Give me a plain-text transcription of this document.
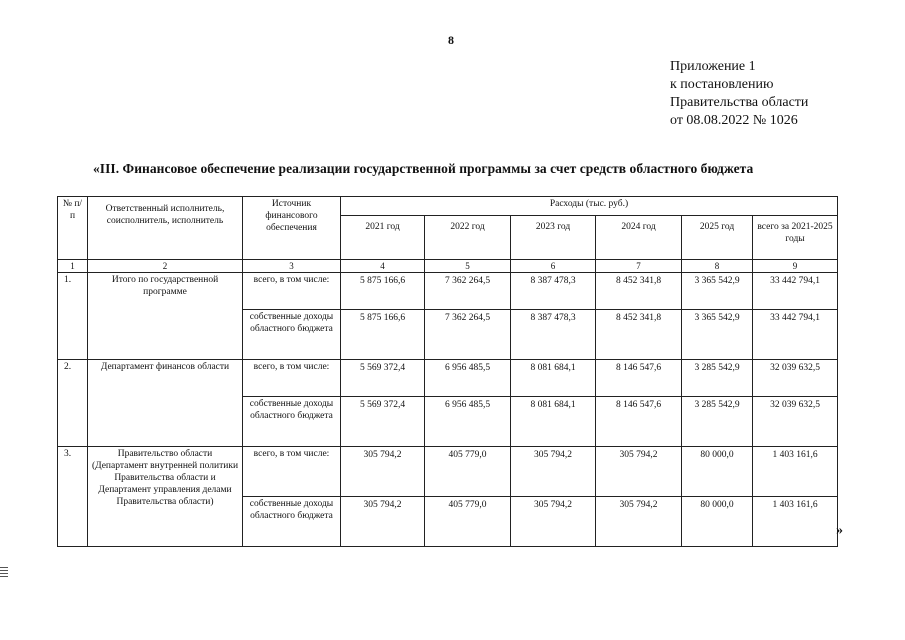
8
Приложение 1
к постановлению
Правительства области
от 08.08.2022 № 1026
«III. Финансовое обеспечение реализации государственной программы за счет средств областного бюджета
№ п/п	Ответственный исполнитель, соисполнитель, исполнитель	Источник финансового обеспечения	Расходы (тыс. руб.)					
			2021 год	2022 год	2023 год	2024 год	2025 год	всего за 2021-2025 годы
1	2	3	4	5	6	7	8	9
1.	Итого по государственной программе	всего, в том числе:	5 875 166,6	7 362 264,5	8 387 478,3	8 452 341,8	3 365 542,9	33 442 794,1
		собственные доходы областного бюджета	5 875 166,6	7 362 264,5	8 387 478,3	8 452 341,8	3 365 542,9	33 442 794,1
2.	Департамент финансов области	всего, в том числе:	5 569 372,4	6 956 485,5	8 081 684,1	8 146 547,6	3 285 542,9	32 039 632,5
		собственные доходы областного бюджета	5 569 372,4	6 956 485,5	8 081 684,1	8 146 547,6	3 285 542,9	32 039 632,5
3.	Правительство области (Департамент внутренней политики Правительства области и Департамент управления делами Правительства области)	всего, в том числе:	305 794,2	405 779,0	305 794,2	305 794,2	80 000,0	1 403 161,6
		собственные доходы областного бюджета	305 794,2	405 779,0	305 794,2	305 794,2	80 000,0	1 403 161,6
»
